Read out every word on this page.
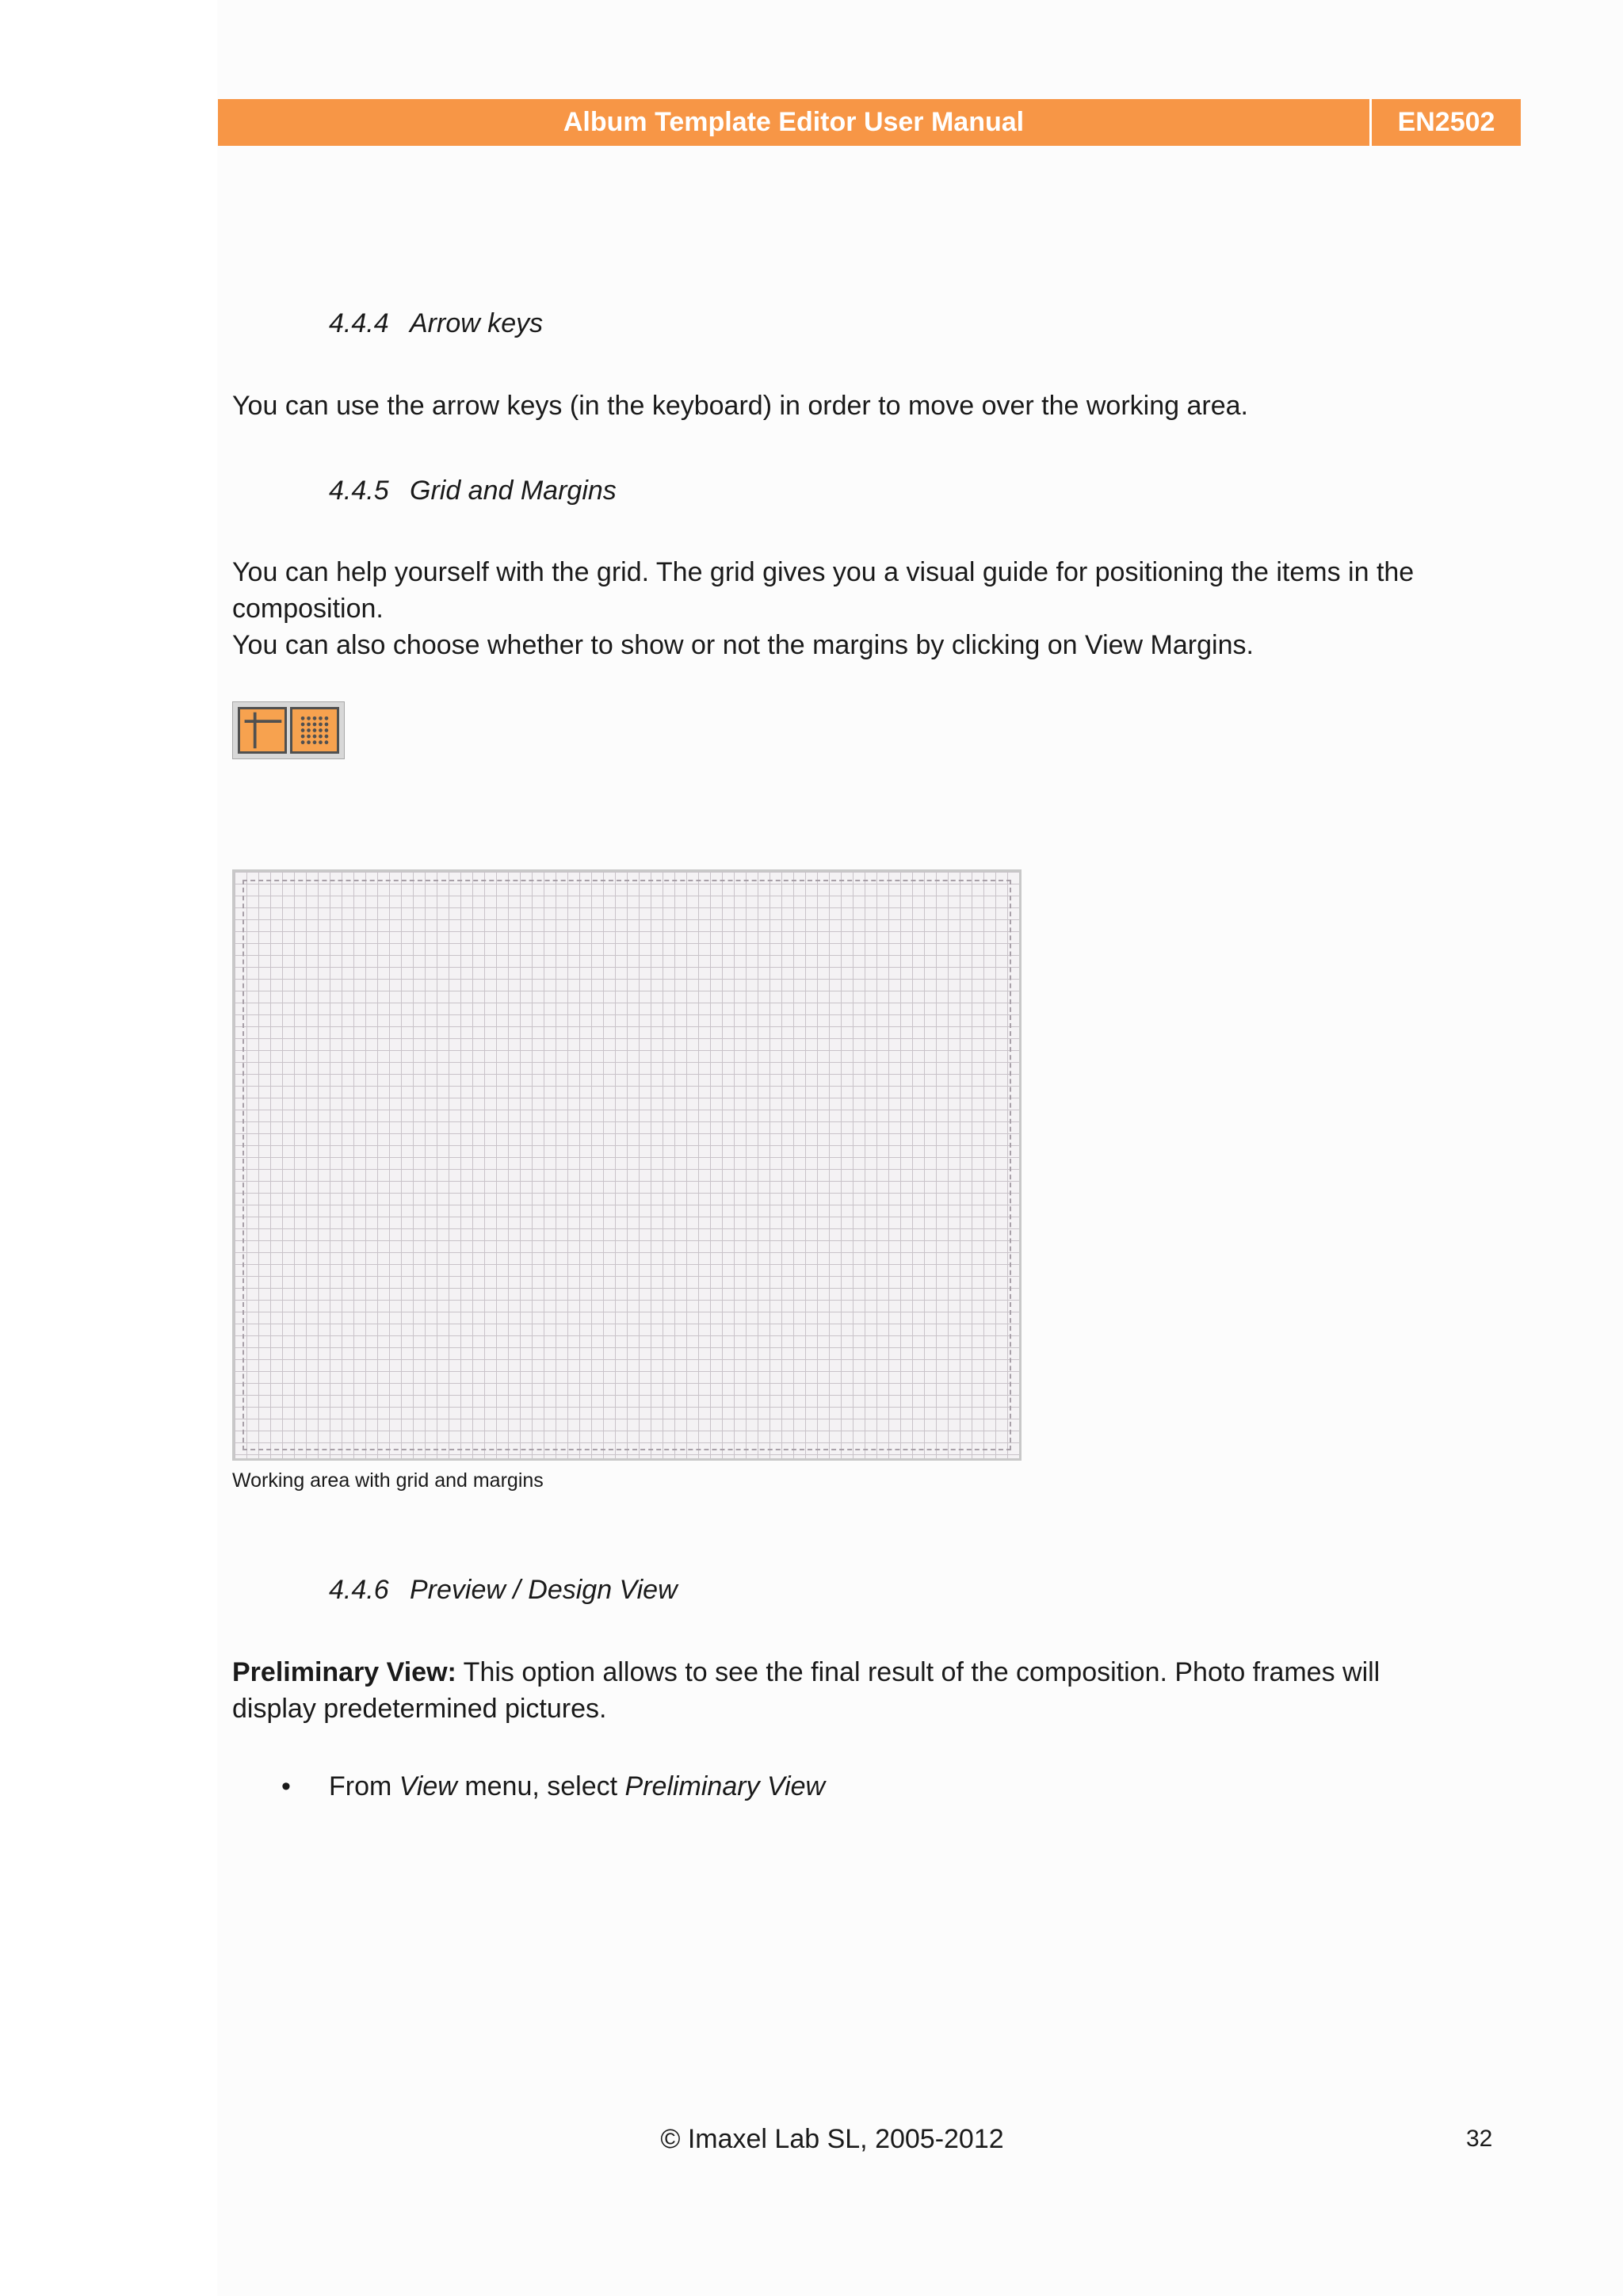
Album Template Editor User Manual	EN2502
4.4.4 Arrow keys

You can use the arrow keys (in the keyboard) in order to move over the working area.

4.4.5 Grid and Margins

You can help yourself with the grid. The grid gives you a visual guide for positioning the items in the composition.

You can also choose whether to show or not the margins by clicking on View Margins.

Working area with grid and margins
4.4.6 Preview / Design View

Preliminary View: This option allows to see the final result of the composition. Photo frames will display predetermined pictures.

• From View menu, select Preliminary View
© Imaxel Lab SL, 2005-2012	32
